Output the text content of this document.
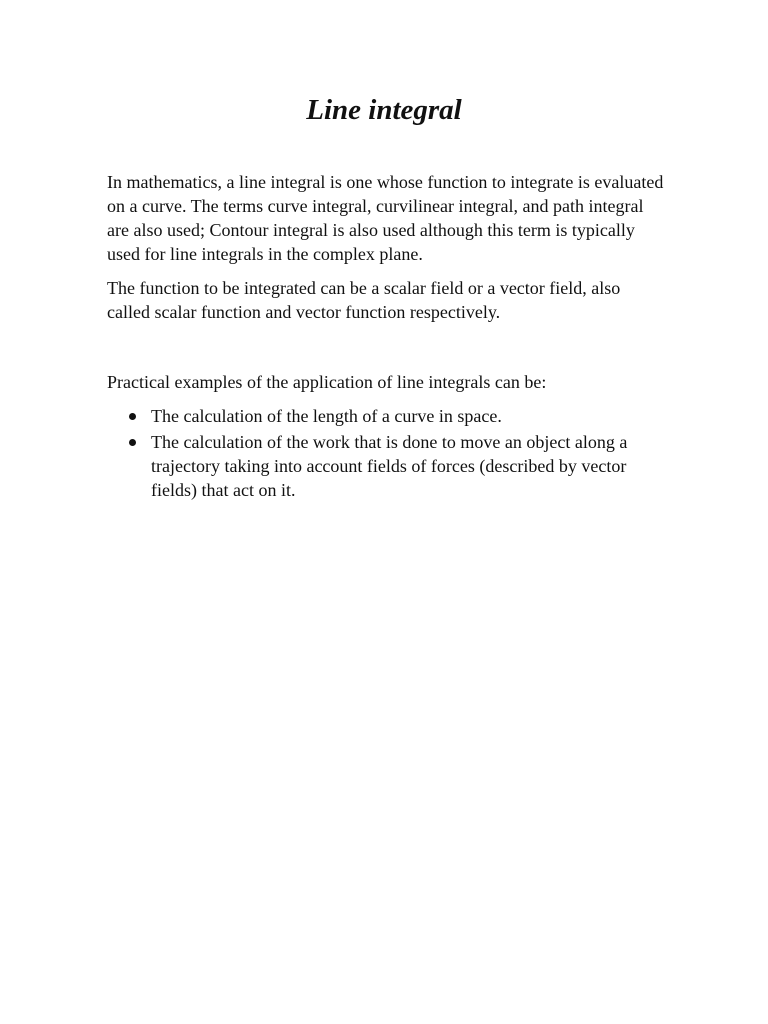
Line integral

In mathematics, a line integral is one whose function to integrate is evaluated on a curve. The terms curve integral, curvilinear integral, and path integral are also used; Contour integral is also used although this term is typically used for line integrals in the complex plane.

The function to be integrated can be a scalar field or a vector field, also called scalar function and vector function respectively.

Practical examples of the application of line integrals can be:

The calculation of the length of a curve in space.
The calculation of the work that is done to move an object along a trajectory taking into account fields of forces (described by vector fields) that act on it.
